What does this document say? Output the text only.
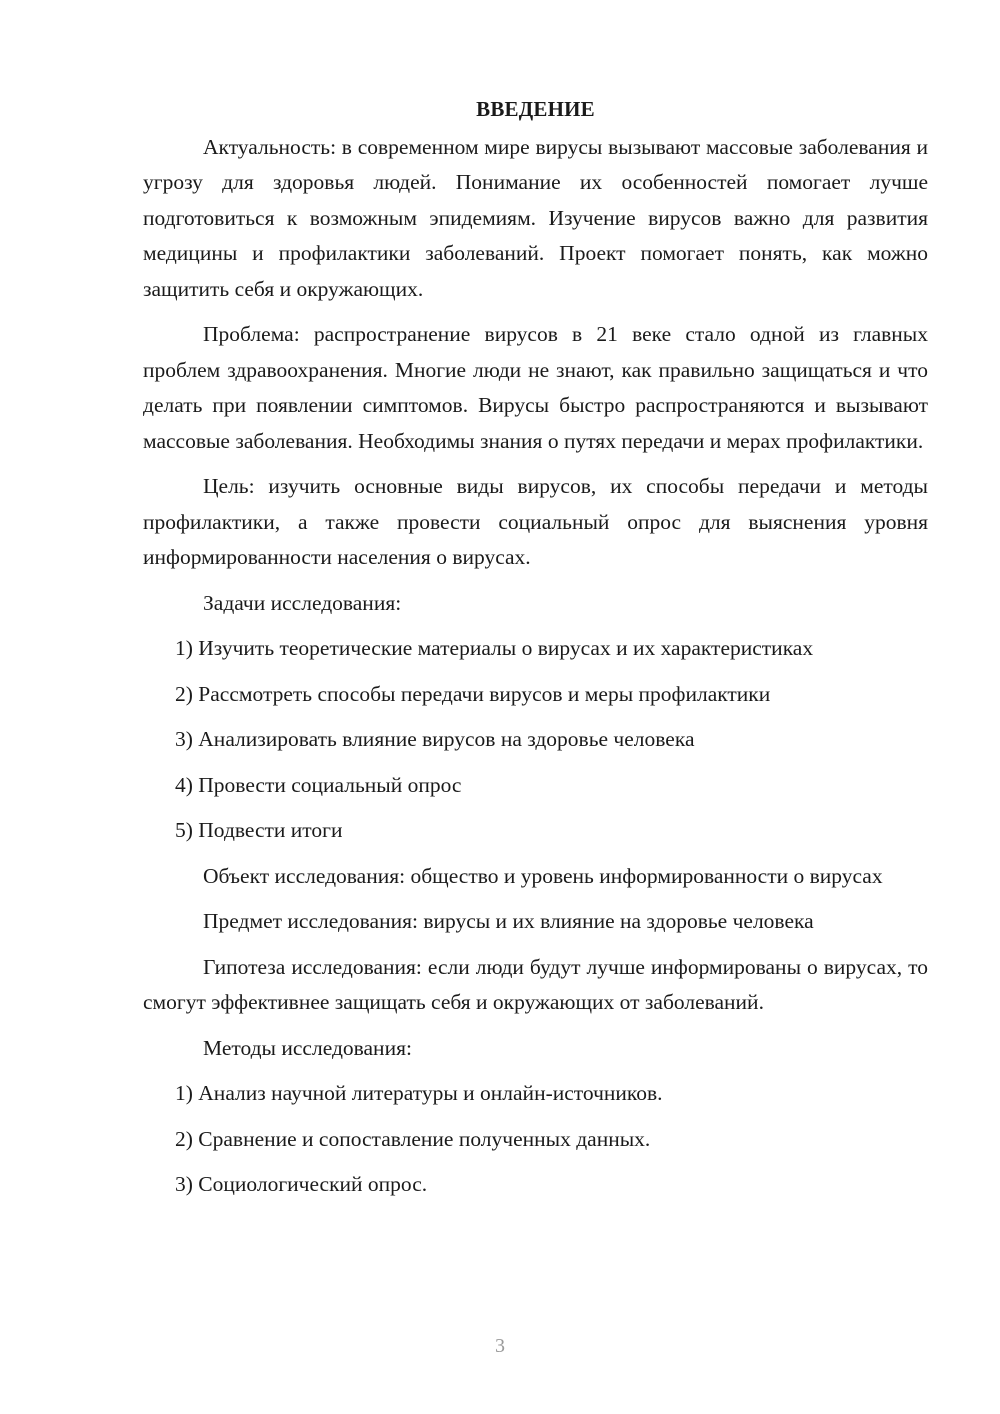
ВВЕДЕНИЕ

Актуальность: в современном мире вирусы вызывают массовые заболевания и угрозу для здоровья людей. Понимание их особенностей помогает лучше подготовиться к возможным эпидемиям. Изучение вирусов важно для развития медицины и профилактики заболеваний. Проект помогает понять, как можно защитить себя и окружающих.

Проблема: распространение вирусов в 21 веке стало одной из главных проблем здравоохранения. Многие люди не знают, как правильно защищаться и что делать при появлении симптомов. Вирусы быстро распространяются и вызывают массовые заболевания. Необходимы знания о путях передачи и мерах профилактики.

Цель: изучить основные виды вирусов, их способы передачи и методы профилактики, а также провести социальный опрос для выяснения уровня информированности населения о вирусах.

Задачи исследования:

1) Изучить теоретические материалы о вирусах и их характеристиках

2) Рассмотреть способы передачи вирусов и меры профилактики

3) Анализировать влияние вирусов на здоровье человека

4) Провести социальный опрос

5) Подвести итоги

Объект исследования: общество и уровень информированности о вирусах

Предмет исследования: вирусы и их влияние на здоровье человека

Гипотеза исследования: если люди будут лучше информированы о вирусах, то смогут эффективнее защищать себя и окружающих от заболеваний.

Методы исследования:

1) Анализ научной литературы и онлайн-источников.

2) Сравнение и сопоставление полученных данных.

3) Социологический опрос.

3
